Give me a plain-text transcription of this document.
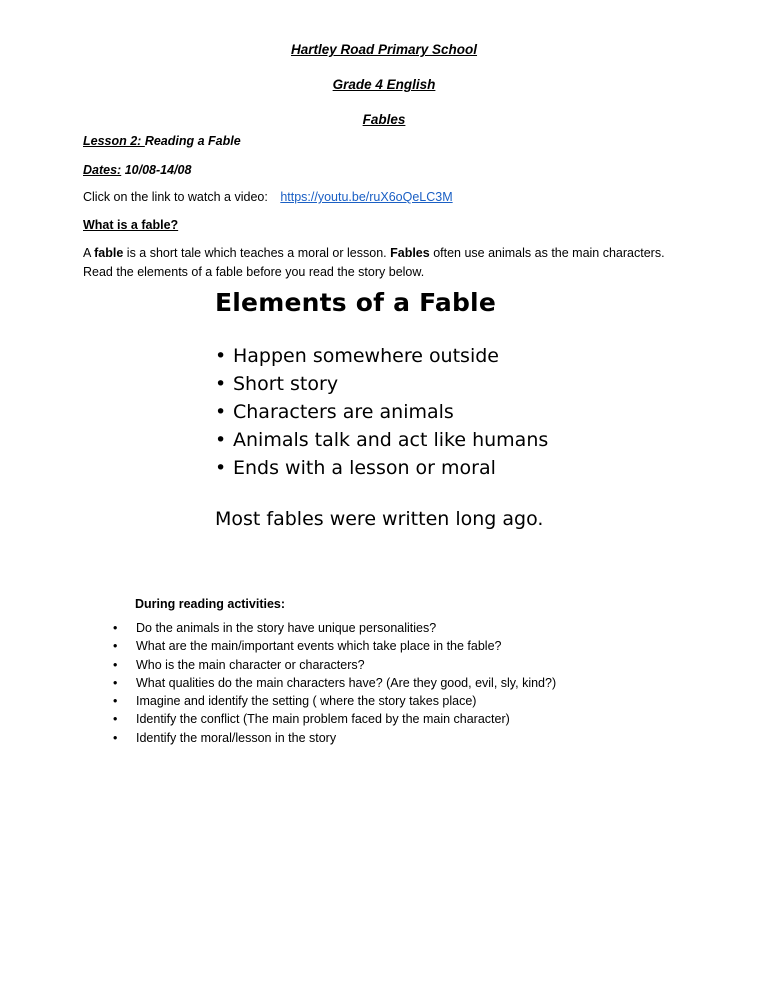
Hartley Road Primary School
Grade 4 English
Fables
Lesson 2: Reading a Fable
Dates: 10/08-14/08
Click on the link to watch a video: https://youtu.be/ruX6oQeLC3M
What is a fable?
A fable is a short tale which teaches a moral or lesson. Fables often use animals as the main characters. Read the elements of a fable before you read the story below.
Elements of a Fable
• Happen somewhere outside
• Short story
• Characters are animals
• Animals talk and act like humans
• Ends with a lesson or moral
Most fables were written long ago.
During reading activities:
• Do the animals in the story have unique personalities?
• What are the main/important events which take place in the fable?
• Who is the main character or characters?
• What qualities do the main characters have? (Are they good, evil, sly, kind?)
• Imagine and identify the setting ( where the story takes place)
• Identify the conflict (The main problem faced by the main character)
• Identify the moral/lesson in the story
